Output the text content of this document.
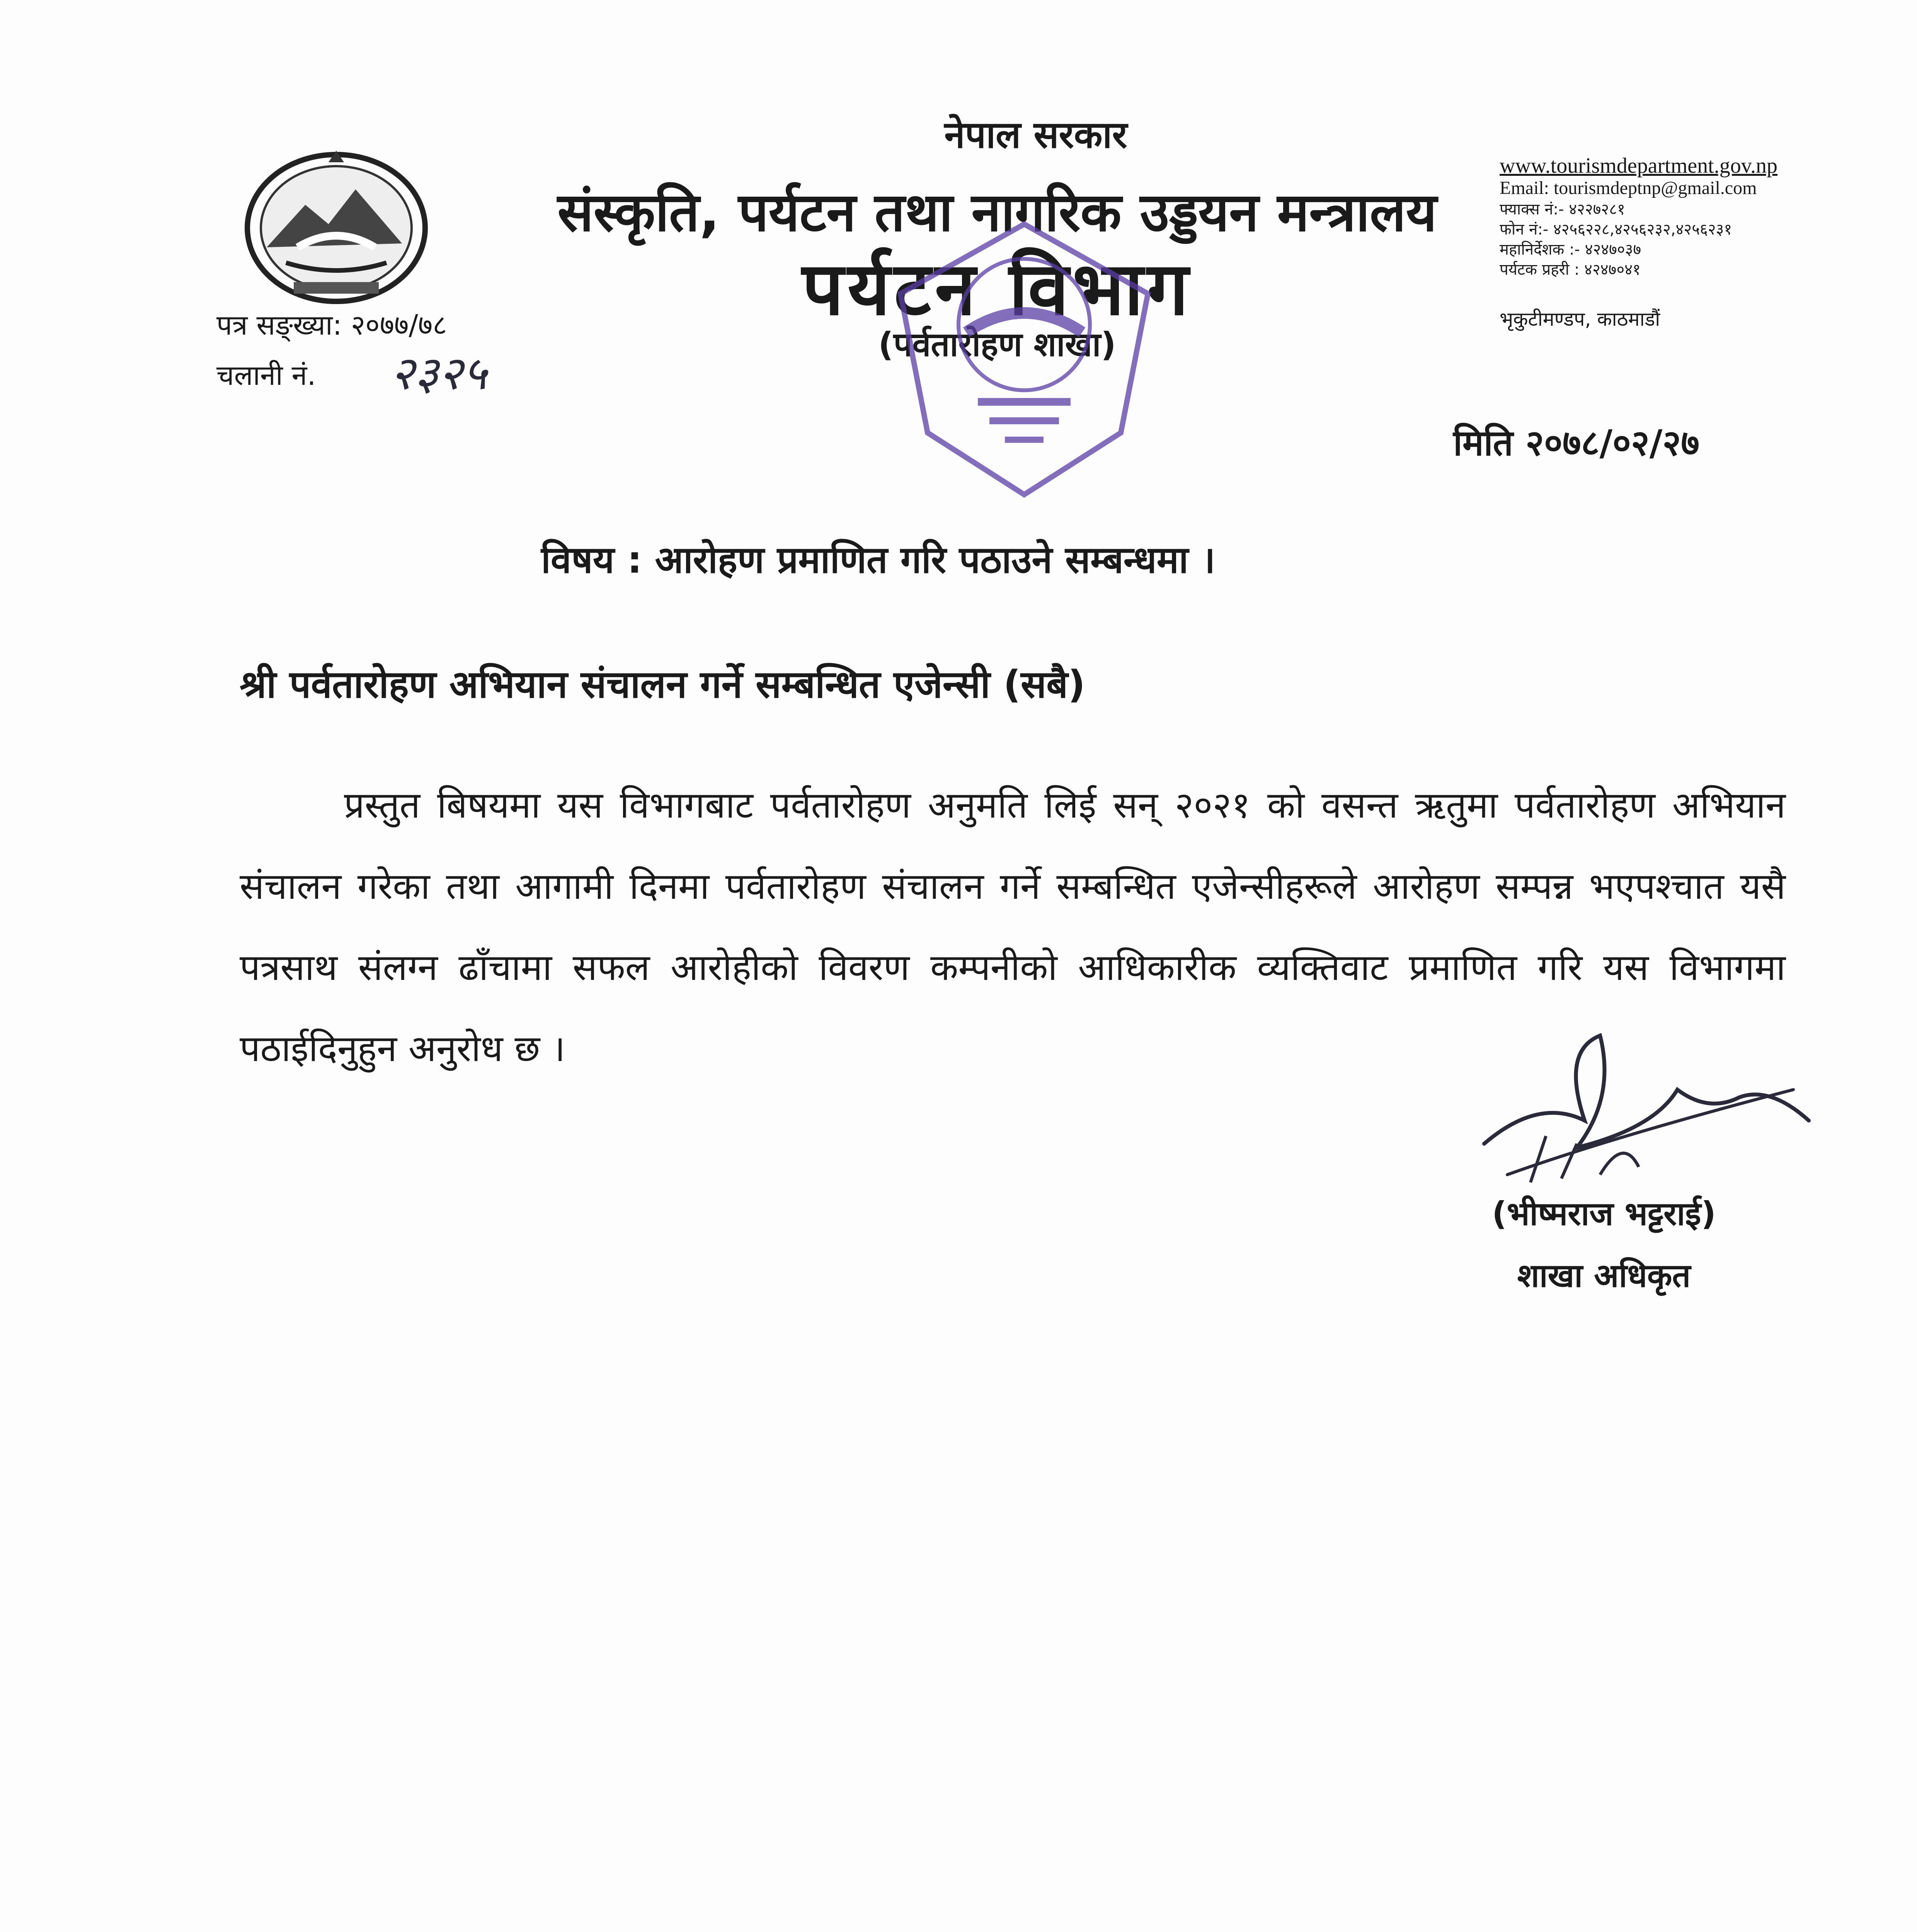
नेपाल सरकार
संस्कृति, पर्यटन तथा नागरिक उड्डयन मन्त्रालय
पर्यटन विभाग
(पर्वतारोहण शाखा)
www.tourismdepartment.gov.np
Email: tourismdeptnp@gmail.com
फ्याक्स नं:- ४२२७२८१
फोन नं:- ४२५६२२८,४२५६२३२,४२५६२३१
महानिर्देशक :- ४२४७०३७
पर्यटक प्रहरी : ४२४७०४१
भृकुटीमण्डप, काठमाडौं
पत्र सङ्ख्या: २०७७/७८
चलानी नं. २३२५
मिति २०७८/०२/२७
विषय : आरोहण प्रमाणित गरि पठाउने सम्बन्धमा ।
श्री पर्वतारोहण अभियान संचालन गर्ने सम्बन्धित एजेन्सी (सबै)
प्रस्तुत बिषयमा यस विभागबाट पर्वतारोहण अनुमति लिई सन् २०२१ को वसन्त ऋतुमा पर्वतारोहण अभियान संचालन गरेका तथा आगामी दिनमा पर्वतारोहण संचालन गर्ने सम्बन्धित एजेन्सीहरूले आरोहण सम्पन्न भएपश्चात यसै पत्रसाथ संलग्न ढाँचामा सफल आरोहीको विवरण कम्पनीको आधिकारीक व्यक्तिवाट प्रमाणित गरि यस विभागमा पठाईदिनुहुन अनुरोध छ ।
(भीष्मराज भट्टराई)
शाखा अधिकृत
